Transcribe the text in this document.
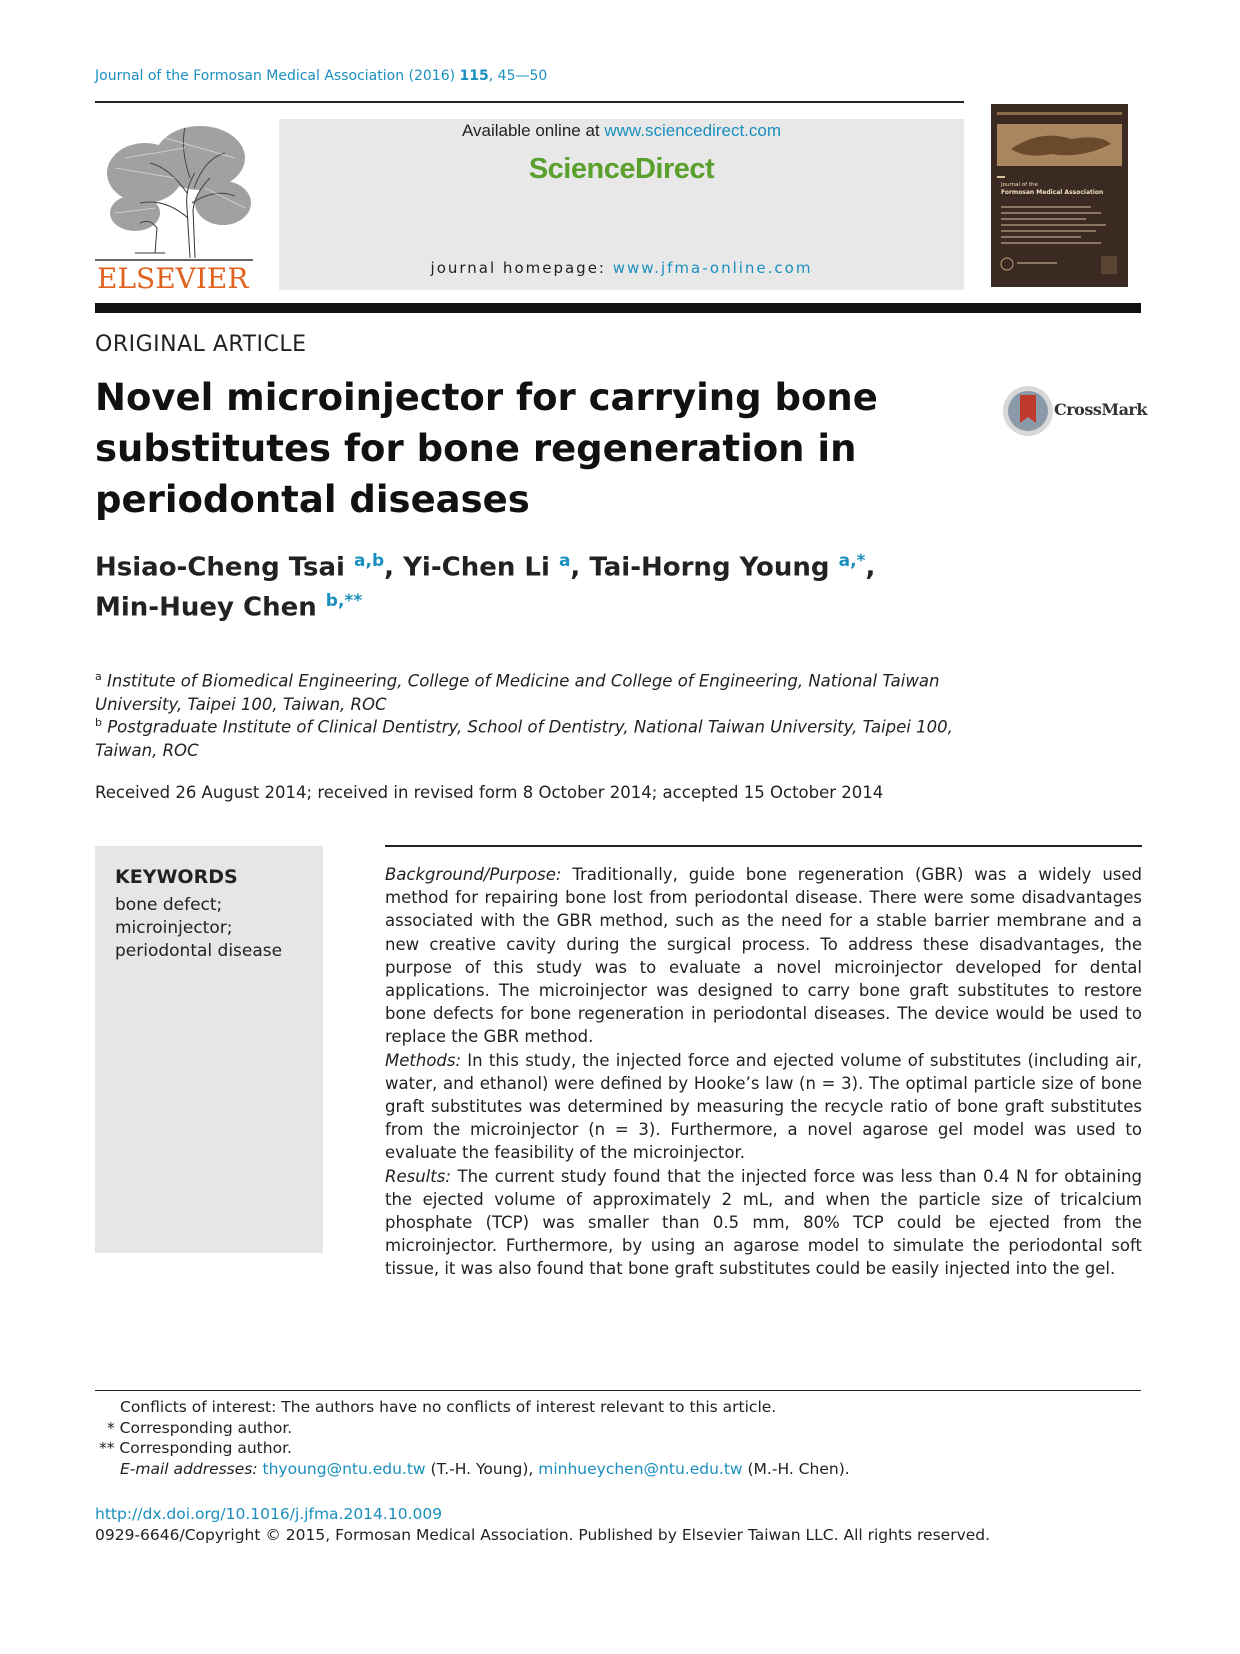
Journal of the Formosan Medical Association (2016) 115, 45—50
ELSEVIER
Available online at www.sciencedirect.com
ScienceDirect
journal homepage: www.jfma-online.com
Journal of the
Formosan Medical Association
ORIGINAL ARTICLE
Novel microinjector for carrying bone substitutes for bone regeneration in periodontal diseases
CrossMark

Hsiao-Cheng Tsai $^{a,b}$, Yi-Chen Li $^a$, Tai-Horng Young $^{a,*}$,
Min-Huey Chen $^{b,**}$

$^a$ Institute of Biomedical Engineering, College of Medicine and College of Engineering, National Taiwan University, Taipei 100, Taiwan, ROC
$^b$ Postgraduate Institute of Clinical Dentistry, School of Dentistry, National Taiwan University, Taipei 100, Taiwan, ROC
Received 26 August 2014; received in revised form 8 October 2014; accepted 15 October 2014
KEYWORDS
bone defect;
microinjector;
periodontal disease

Background/Purpose: Traditionally, guide bone regeneration (GBR) was a widely used method for repairing bone lost from periodontal disease. There were some disadvantages associated with the GBR method, such as the need for a stable barrier membrane and a new creative cavity during the surgical process. To address these disadvantages, the purpose of this study was to evaluate a novel microinjector developed for dental applications. The microinjector was designed to carry bone graft substitutes to restore bone defects for bone regeneration in periodontal diseases. The device would be used to replace the GBR method.

Methods: In this study, the injected force and ejected volume of substitutes (including air, water, and ethanol) were defined by Hooke’s law (n = 3). The optimal particle size of bone graft substitutes was determined by measuring the recycle ratio of bone graft substitutes from the microinjector (n = 3). Furthermore, a novel agarose gel model was used to evaluate the feasibility of the microinjector.

Results: The current study found that the injected force was less than 0.4 N for obtaining the ejected volume of approximately 2 mL, and when the particle size of tricalcium phosphate (TCP) was smaller than 0.5 mm, 80% TCP could be ejected from the microinjector. Furthermore, by using an agarose model to simulate the periodontal soft tissue, it was also found that bone graft substitutes could be easily injected into the gel.

Conflicts of interest: The authors have no conflicts of interest relevant to this article.
* Corresponding author.
** Corresponding author.
E-mail addresses: thyoung@ntu.edu.tw (T.-H. Young), minhueychen@ntu.edu.tw (M.-H. Chen).
http://dx.doi.org/10.1016/j.jfma.2014.10.009
0929-6646/Copyright © 2015, Formosan Medical Association. Published by Elsevier Taiwan LLC. All rights reserved.
